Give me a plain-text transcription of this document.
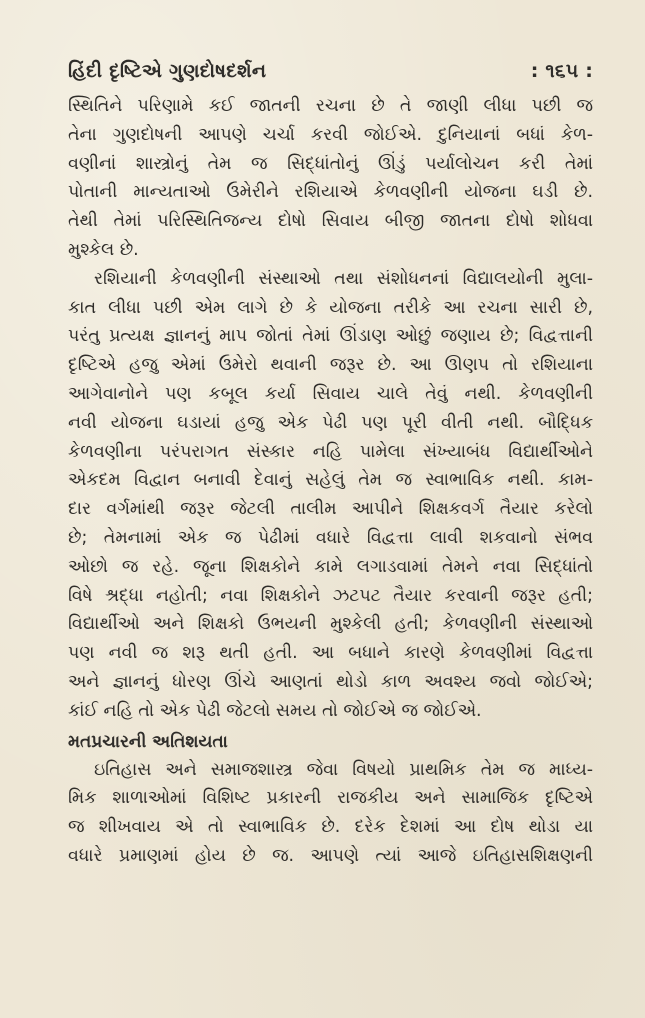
હિંદી દૃષ્ટિએ ગુણદોષદર્શન	: ૧૬૫ :

સ્થિતિને પરિણામે કઈ જાતની રચના છે તે જાણી લીધા પછી જ
તેના ગુણદોષની આપણે ચર્ચા કરવી જોઈએ. દુનિયાનાં બધાં કેળ-
વણીનાં શાસ્ત્રોનું તેમ જ સિદ્ધાંતોનું ઊંડું પર્યાલોચન કરી તેમાં
પોતાની માન્યતાઓ ઉમેરીને રશિયાએ કેળવણીની યોજના ઘડી છે.
તેથી તેમાં પરિસ્થિતિજન્ય દોષો સિવાય બીજી જાતના દોષો શોધવા
મુશ્કેલ છે.

રશિયાની કેળવણીની સંસ્થાઓ તથા સંશોધનનાં વિદ્યાલયોની મુલા-
કાત લીધા પછી એમ લાગે છે કે યોજના તરીકે આ રચના સારી છે,
પરંતુ પ્રત્યક્ષ જ્ઞાનનું માપ જોતાં તેમાં ઊંડાણ ઓછું જણાય છે; વિદ્વત્તાની
દૃષ્ટિએ હજુ એમાં ઉમેરો થવાની જરૂર છે. આ ઊણપ તો રશિયાના
આગેવાનોને પણ કબૂલ કર્યા સિવાય ચાલે તેવું નથી. કેળવણીની
નવી યોજના ઘડાયાં હજુ એક પેઢી પણ પૂરી વીતી નથી. બૌદ્ધિક
કેળવણીના પરંપરાગત સંસ્કાર નહિ પામેલા સંખ્યાબંધ વિદ્યાર્થીઓને
એકદમ વિદ્વાન બનાવી દેવાનું સહેલું તેમ જ સ્વાભાવિક નથી. કામ-
દાર વર્ગમાંથી જરૂર જેટલી તાલીમ આપીને શિક્ષકવર્ગ તૈયાર કરેલો
છે; તેમનામાં એક જ પેઢીમાં વધારે વિદ્વત્તા લાવી શકવાનો સંભવ
ઓછો જ રહે. જૂના શિક્ષકોને કામે લગાડવામાં તેમને નવા સિદ્ધાંતો
વિષે શ્રદ્ધા નહોતી; નવા શિક્ષકોને ઝટપટ તૈયાર કરવાની જરૂર હતી;
વિદ્યાર્થીઓ અને શિક્ષકો ઉભયની મુશ્કેલી હતી; કેળવણીની સંસ્થાઓ
પણ નવી જ શરૂ થતી હતી. આ બધાને કારણે કેળવણીમાં વિદ્વત્તા
અને જ્ઞાનનું ધોરણ ઊંચે આણતાં થોડો કાળ અવશ્ય જવો જોઈએ;
કાંઈ નહિ તો એક પેઢી જેટલો સમય તો જોઈએ જ જોઈએ.

મતપ્રચારની અતિશયતા

ઇતિહાસ અને સમાજશાસ્ત્ર જેવા વિષયો પ્રાથમિક તેમ જ માધ્ય-
મિક શાળાઓમાં વિશિષ્ટ પ્રકારની રાજકીય અને સામાજિક દૃષ્ટિએ
જ શીખવાય એ તો સ્વાભાવિક છે. દરેક દેશમાં આ દોષ થોડા યા
વધારે પ્રમાણમાં હોય છે જ. આપણે ત્યાં આજે ઇતિહાસશિક્ષણની
